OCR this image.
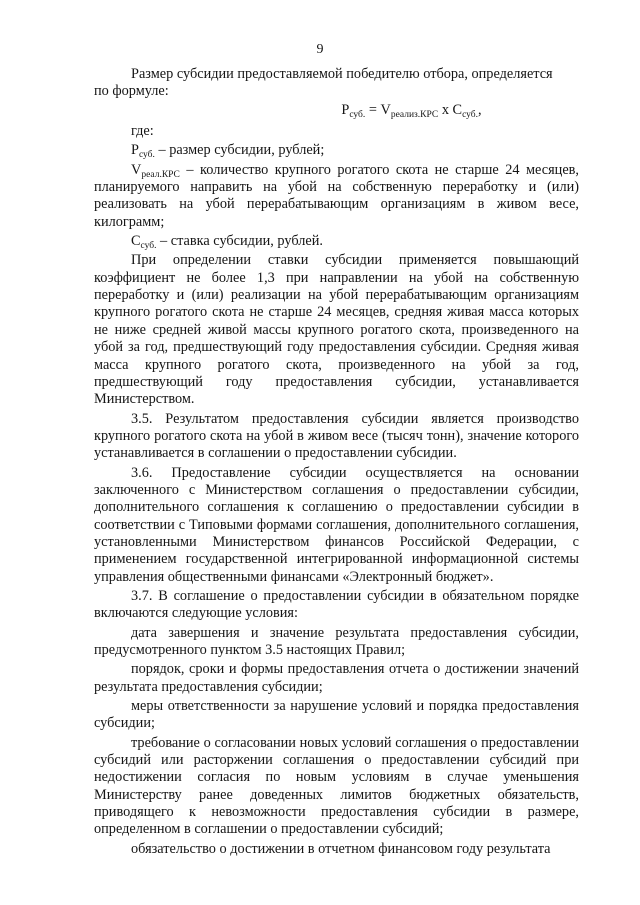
9

Размер субсидии предоставляемой победителю отбора, определяется

по формуле:

$P_{суб.} = V_{реализ.КРС}$ x $C_{суб.}$,

где:

$P_{суб.}$ – размер субсидии, рублей;

$V_{реал.КРС}$ – количество крупного рогатого скота не старше 24 месяцев, планируемого направить на убой на собственную переработку и (или) реализовать на убой перерабатывающим организациям в живом весе, килограмм;

$C_{суб.}$ – ставка субсидии, рублей.

При определении ставки субсидии применяется повышающий коэффициент не более 1,3 при направлении на убой на собственную переработку и (или) реализации на убой перерабатывающим организациям крупного рогатого скота не старше 24 месяцев, средняя живая масса которых не ниже средней живой массы крупного рогатого скота, произведенного на убой за год, предшествующий году предоставления субсидии. Средняя живая масса крупного рогатого скота, произведенного на убой за год, предшествующий году предоставления субсидии, устанавливается Министерством.

3.5. Результатом предоставления субсидии является производство крупного рогатого скота на убой в живом весе (тысяч тонн), значение которого устанавливается в соглашении о предоставлении субсидии.

3.6. Предоставление субсидии осуществляется на основании заключенного с Министерством соглашения о предоставлении субсидии, дополнительного соглашения к соглашению о предоставлении субсидии в соответствии с Типовыми формами соглашения, дополнительного соглашения, установленными Министерством финансов Российской Федерации, с применением государственной интегрированной информационной системы управления общественными финансами «Электронный бюджет».

3.7. В соглашение о предоставлении субсидии в обязательном порядке включаются следующие условия:

дата завершения и значение результата предоставления субсидии, предусмотренного пунктом 3.5 настоящих Правил;

порядок, сроки и формы предоставления отчета о достижении значений результата предоставления субсидии;

меры ответственности за нарушение условий и порядка предоставления субсидии;

требование о согласовании новых условий соглашения о предоставлении субсидий или расторжении соглашения о предоставлении субсидий при недостижении согласия по новым условиям в случае уменьшения Министерству ранее доведенных лимитов бюджетных обязательств, приводящего к невозможности предоставления субсидии в размере, определенном в соглашении о предоставлении субсидий;

обязательство о достижении в отчетном финансовом году результата
